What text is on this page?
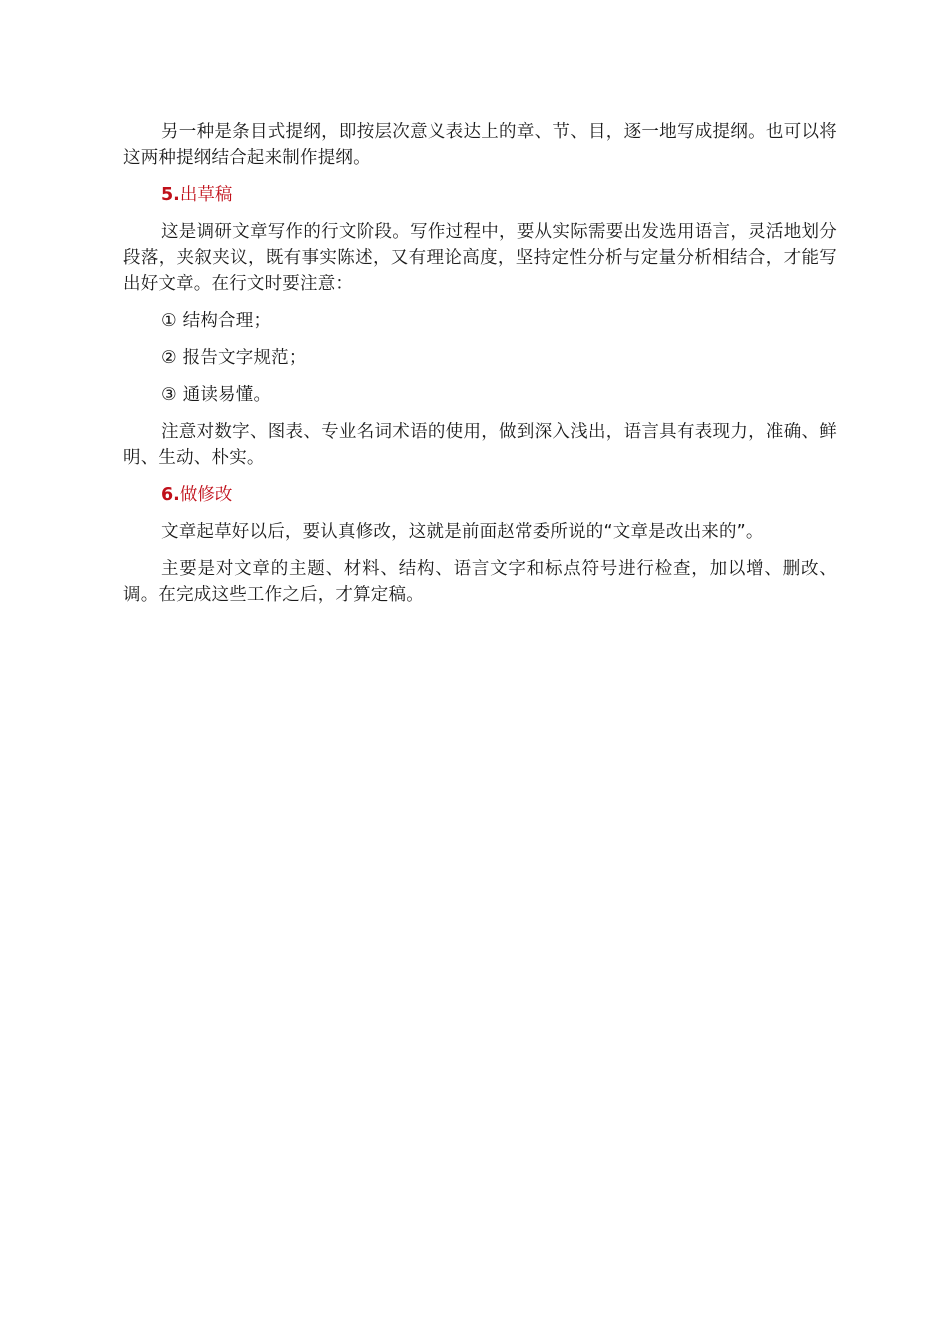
另一种是条目式提纲，即按层次意义表达上的章、节、目，逐一地写成提纲。也可以将这两种提纲结合起来制作提纲。

5.出草稿

这是调研文章写作的行文阶段。写作过程中，要从实际需要出发选用语言，灵活地划分段落，夹叙夹议，既有事实陈述，又有理论高度，坚持定性分析与定量分析相结合，才能写出好文章。在行文时要注意：

① 结构合理；

② 报告文字规范；

③ 通读易懂。

注意对数字、图表、专业名词术语的使用，做到深入浅出，语言具有表现力，准确、鲜明、生动、朴实。

6.做修改

文章起草好以后，要认真修改，这就是前面赵常委所说的“文章是改出来的”。

主要是对文章的主题、材料、结构、语言文字和标点符号进行检查，加以增、删改、调。在完成这些工作之后，才算定稿。
